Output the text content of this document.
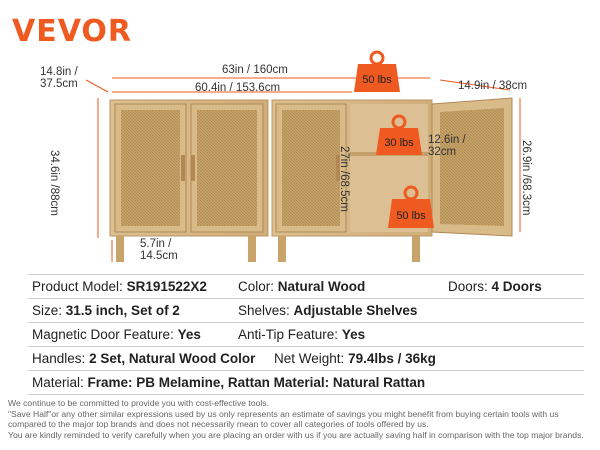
VEVOR
50 lbs
30 lbs
50 lbs
14.8in /
37.5cm
63in / 160cm
60.4in / 153.6cm	14.9in / 38cm
34.6in /88cm
5.7in /
14.5cm
12.6in /
32cm
27in /68.5cm
26.9in /68.3cm
Product Model: SR191522X2 Color: Natural Wood	Doors: 4 Doors
Size: 31.5 inch, Set of 2	Shelves: Adjustable Shelves
Magnetic Door Feature: Yes	Anti-Tip Feature: Yes
Handles: 2 Set, Natural Wood Color Net Weight: 79.4lbs / 36kg
Material: Frame: PB Melamine, Rattan Material: Natural Rattan
We continue to be committed to provide you with cost-effective tools.
"Save Half"or any other similar expressions used by us only represents an estimate of savings you might benefit from buying certain tools with us
compared to the major top brands and does not necessarily mean to cover all categories of tools offered by us.
You are kindly reminded to verify carefully when you are placing an order with us if you are actually saving half in comparison with the top major brands.
